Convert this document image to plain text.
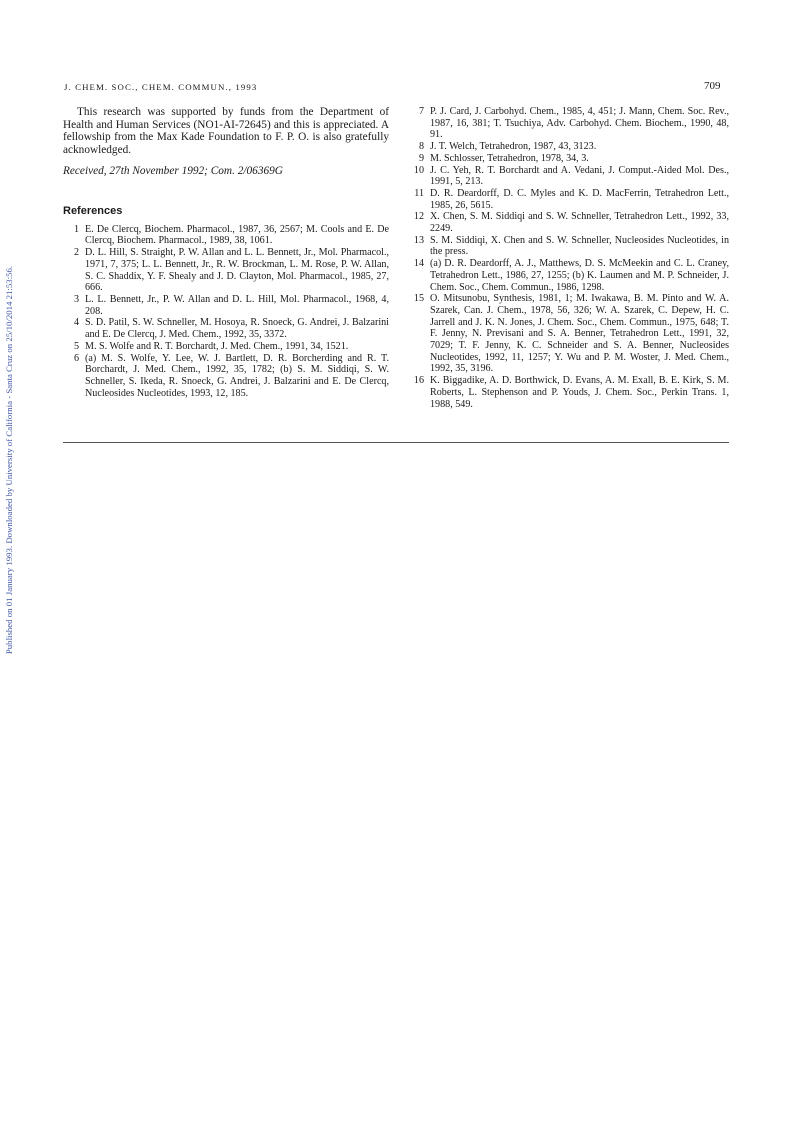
Published on 01 January 1993. Downloaded by University of California - Santa Cruz on 25/10/2014 21:53:56.
J. CHEM. SOC., CHEM. COMMUN., 1993	709

This research was supported by funds from the Department of Health and Human Services (NO1-AI-72645) and this is appreciated. A fellowship from the Max Kade Foundation to F. P. O. is also gratefully acknowledged.

Received, 27th November 1992; Com. 2/06369G

References
1 E. De Clercq, Biochem. Pharmacol., 1987, 36, 2567; M. Cools and E. De Clercq, Biochem. Pharmacol., 1989, 38, 1061.
2 D. L. Hill, S. Straight, P. W. Allan and L. L. Bennett, Jr., Mol. Pharmacol., 1971, 7, 375; L. L. Bennett, Jr., R. W. Brockman, L. M. Rose, P. W. Allan, S. C. Shaddix, Y. F. Shealy and J. D. Clayton, Mol. Pharmacol., 1985, 27, 666.
3 L. L. Bennett, Jr., P. W. Allan and D. L. Hill, Mol. Pharmacol., 1968, 4, 208.
4 S. D. Patil, S. W. Schneller, M. Hosoya, R. Snoeck, G. Andrei, J. Balzarini and E. De Clercq, J. Med. Chem., 1992, 35, 3372.
5 M. S. Wolfe and R. T. Borchardt, J. Med. Chem., 1991, 34, 1521.
6 (a) M. S. Wolfe, Y. Lee, W. J. Bartlett, D. R. Borcherding and R. T. Borchardt, J. Med. Chem., 1992, 35, 1782; (b) S. M. Siddiqi, S. W. Schneller, S. Ikeda, R. Snoeck, G. Andrei, J. Balzarini and E. De Clercq, Nucleosides Nucleotides, 1993, 12, 185.
7 P. J. Card, J. Carbohyd. Chem., 1985, 4, 451; J. Mann, Chem. Soc. Rev., 1987, 16, 381; T. Tsuchiya, Adv. Carbohyd. Chem. Biochem., 1990, 48, 91.
8 J. T. Welch, Tetrahedron, 1987, 43, 3123.
9 M. Schlosser, Tetrahedron, 1978, 34, 3.
10 J. C. Yeh, R. T. Borchardt and A. Vedani, J. Comput.-Aided Mol. Des., 1991, 5, 213.
11 D. R. Deardorff, D. C. Myles and K. D. MacFerrin, Tetrahedron Lett., 1985, 26, 5615.
12 X. Chen, S. M. Siddiqi and S. W. Schneller, Tetrahedron Lett., 1992, 33, 2249.
13 S. M. Siddiqi, X. Chen and S. W. Schneller, Nucleosides Nucleotides, in the press.
14 (a) D. R. Deardorff, A. J., Matthews, D. S. McMeekin and C. L. Craney, Tetrahedron Lett., 1986, 27, 1255; (b) K. Laumen and M. P. Schneider, J. Chem. Soc., Chem. Commun., 1986, 1298.
15 O. Mitsunobu, Synthesis, 1981, 1; M. Iwakawa, B. M. Pinto and W. A. Szarek, Can. J. Chem., 1978, 56, 326; W. A. Szarek, C. Depew, H. C. Jarrell and J. K. N. Jones, J. Chem. Soc., Chem. Commun., 1975, 648; T. F. Jenny, N. Previsani and S. A. Benner, Tetrahedron Lett., 1991, 32, 7029; T. F. Jenny, K. C. Schneider and S. A. Benner, Nucleosides Nucleotides, 1992, 11, 1257; Y. Wu and P. M. Woster, J. Med. Chem., 1992, 35, 3196.
16 K. Biggadike, A. D. Borthwick, D. Evans, A. M. Exall, B. E. Kirk, S. M. Roberts, L. Stephenson and P. Youds, J. Chem. Soc., Perkin Trans. 1, 1988, 549.
